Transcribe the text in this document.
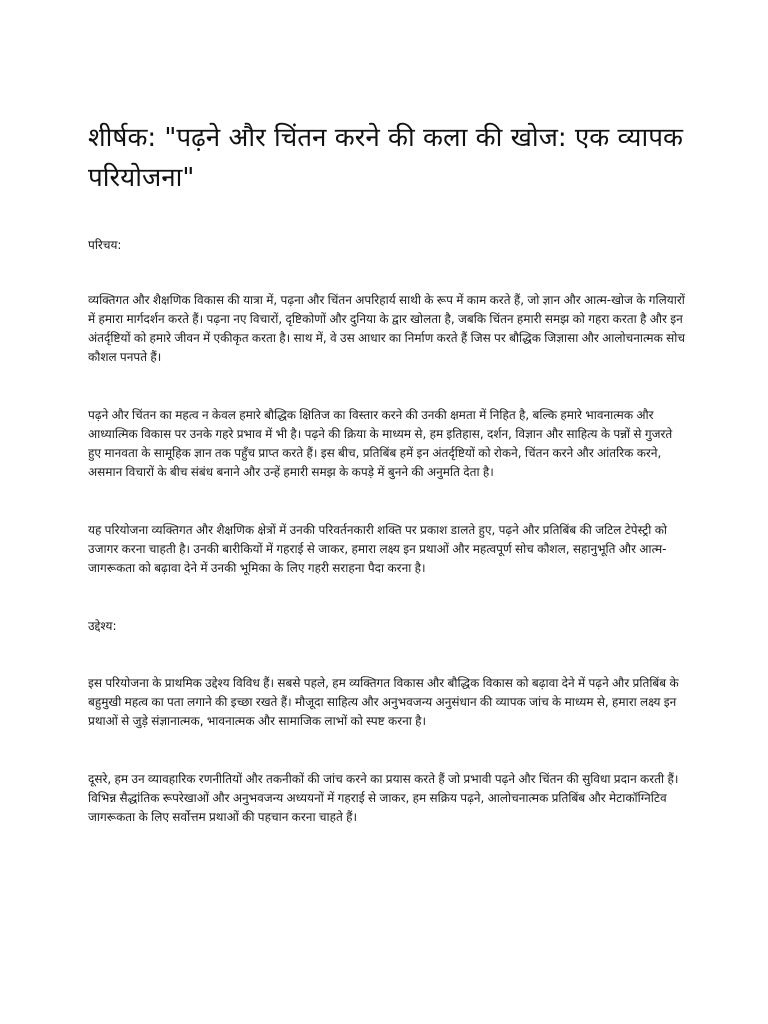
शीर्षक: "पढ़ने और चिंतन करने की कला की खोज: एक व्यापक परियोजना"

परिचय:

व्यक्तिगत और शैक्षणिक विकास की यात्रा में, पढ़ना और चिंतन अपरिहार्य साथी के रूप में काम करते हैं, जो ज्ञान और आत्म-खोज के गलियारों में हमारा मार्गदर्शन करते हैं। पढ़ना नए विचारों, दृष्टिकोणों और दुनिया के द्वार खोलता है, जबकि चिंतन हमारी समझ को गहरा करता है और इन अंतर्दृष्टियों को हमारे जीवन में एकीकृत करता है। साथ में, वे उस आधार का निर्माण करते हैं जिस पर बौद्धिक जिज्ञासा और आलोचनात्मक सोच कौशल पनपते हैं।

पढ़ने और चिंतन का महत्व न केवल हमारे बौद्धिक क्षितिज का विस्तार करने की उनकी क्षमता में निहित है, बल्कि हमारे भावनात्मक और आध्यात्मिक विकास पर उनके गहरे प्रभाव में भी है। पढ़ने की क्रिया के माध्यम से, हम इतिहास, दर्शन, विज्ञान और साहित्य के पन्नों से गुजरते हुए मानवता के सामूहिक ज्ञान तक पहुँच प्राप्त करते हैं। इस बीच, प्रतिबिंब हमें इन अंतर्दृष्टियों को रोकने, चिंतन करने और आंतरिक करने, असमान विचारों के बीच संबंध बनाने और उन्हें हमारी समझ के कपड़े में बुनने की अनुमति देता है।

यह परियोजना व्यक्तिगत और शैक्षणिक क्षेत्रों में उनकी परिवर्तनकारी शक्ति पर प्रकाश डालते हुए, पढ़ने और प्रतिबिंब की जटिल टेपेस्ट्री को उजागर करना चाहती है। उनकी बारीकियों में गहराई से जाकर, हमारा लक्ष्य इन प्रथाओं और महत्वपूर्ण सोच कौशल, सहानुभूति और आत्म-जागरूकता को बढ़ावा देने में उनकी भूमिका के लिए गहरी सराहना पैदा करना है।

उद्देश्य:

इस परियोजना के प्राथमिक उद्देश्य विविध हैं। सबसे पहले, हम व्यक्तिगत विकास और बौद्धिक विकास को बढ़ावा देने में पढ़ने और प्रतिबिंब के बहुमुखी महत्व का पता लगाने की इच्छा रखते हैं। मौजूदा साहित्य और अनुभवजन्य अनुसंधान की व्यापक जांच के माध्यम से, हमारा लक्ष्य इन प्रथाओं से जुड़े संज्ञानात्मक, भावनात्मक और सामाजिक लाभों को स्पष्ट करना है।

दूसरे, हम उन व्यावहारिक रणनीतियों और तकनीकों की जांच करने का प्रयास करते हैं जो प्रभावी पढ़ने और चिंतन की सुविधा प्रदान करती हैं। विभिन्न सैद्धांतिक रूपरेखाओं और अनुभवजन्य अध्ययनों में गहराई से जाकर, हम सक्रिय पढ़ने, आलोचनात्मक प्रतिबिंब और मेटाकॉग्निटिव जागरूकता के लिए सर्वोत्तम प्रथाओं की पहचान करना चाहते हैं।
